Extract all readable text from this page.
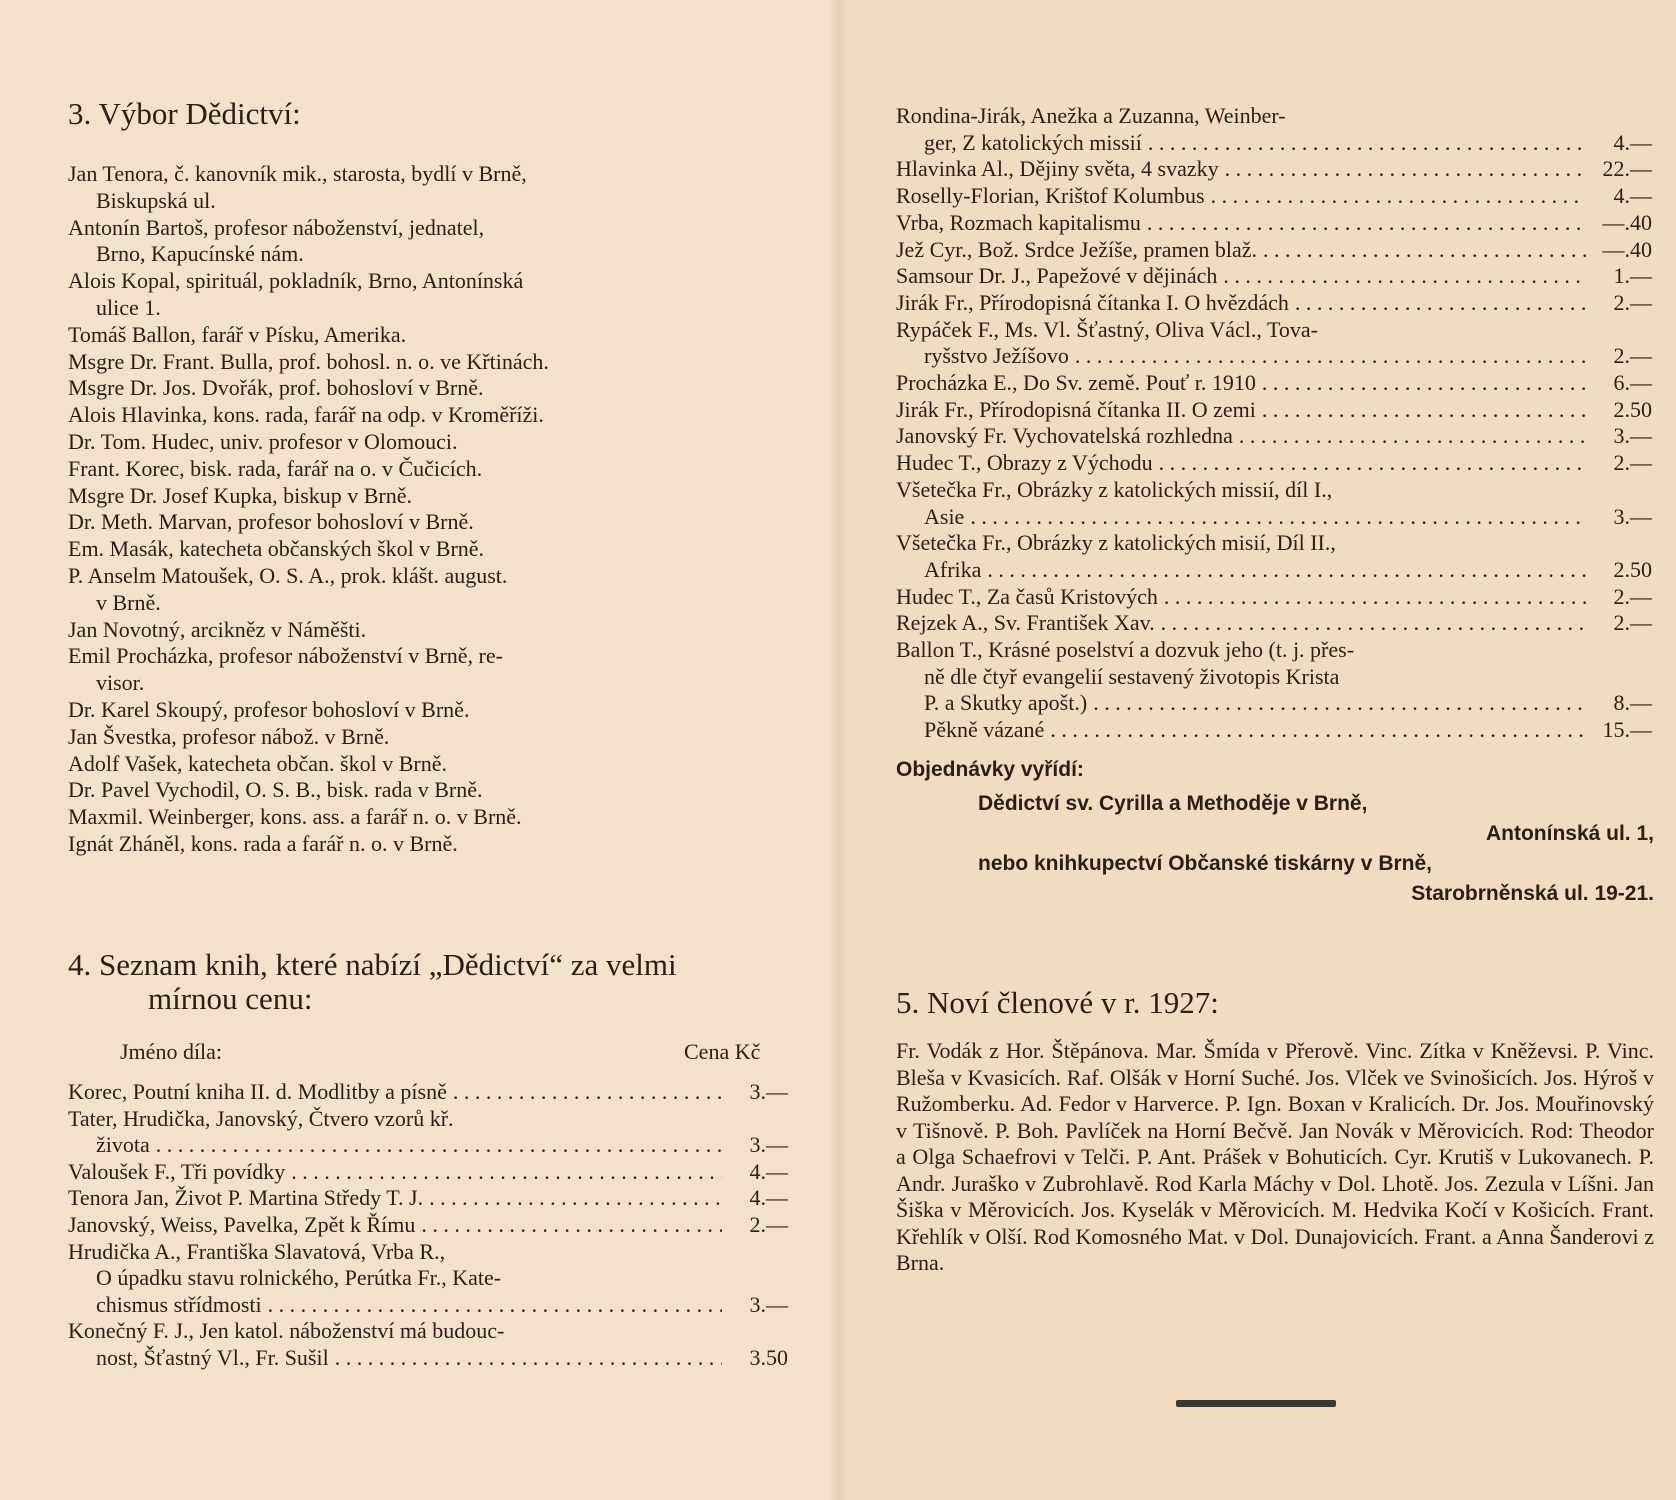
3. Výbor Dědictví:
Jan Tenora, č. kanovník mik., starosta, bydlí v Brně,
Biskupská ul.
Antonín Bartoš, profesor náboženství, jednatel,
Brno, Kapucínské nám.
Alois Kopal, spirituál, pokladník, Brno, Antonínská
ulice 1.
Tomáš Ballon, farář v Písku, Amerika.
Msgre Dr. Frant. Bulla, prof. bohosl. n. o. ve Křtinách.
Msgre Dr. Jos. Dvořák, prof. bohosloví v Brně.
Alois Hlavinka, kons. rada, farář na odp. v Kroměříži.
Dr. Tom. Hudec, univ. profesor v Olomouci.
Frant. Korec, bisk. rada, farář na o. v Čučicích.
Msgre Dr. Josef Kupka, biskup v Brně.
Dr. Meth. Marvan, profesor bohosloví v Brně.
Em. Masák, katecheta občanských škol v Brně.
P. Anselm Matoušek, O. S. A., prok. klášt. august.
v Brně.
Jan Novotný, arcikněz v Náměšti.
Emil Procházka, profesor náboženství v Brně, re-
visor.
Dr. Karel Skoupý, profesor bohosloví v Brně.
Jan Švestka, profesor nábož. v Brně.
Adolf Vašek, katecheta občan. škol v Brně.
Dr. Pavel Vychodil, O. S. B., bisk. rada v Brně.
Maxmil. Weinberger, kons. ass. a farář n. o. v Brně.
Ignát Zháněl, kons. rada a farář n. o. v Brně.
4. Seznam knih, které nabízí „Dědictví“ za velmi
mírnou cenu:
Jméno díla:	Cena Kč
Korec, Poutní kniha II. d. Modlitby a písně . . .	3.—
Tater, Hrudička, Janovský, Čtvero vzorů kř.
života . . .	3.—
Valoušek F., Tři povídky . . .	4.—
Tenora Jan, Život P. Martina Středy T. J. . . .	4.—
Janovský, Weiss, Pavelka, Zpět k Římu . . .	2.—
Hrudička A., Františka Slavatová, Vrba R.,
O úpadku stavu rolnického, Perútka Fr., Kate-
chismus střídmosti . . .	3.—
Konečný F. J., Jen katol. náboženství má budouc-
nost, Šťastný Vl., Fr. Sušil . . .	3.50
Rondina-Jirák, Anežka a Zuzanna, Weinber-
ger, Z katolických missií . . .	4.—
Hlavinka Al., Dějiny světa, 4 svazky . . .	22.—
Roselly-Florian, Krištof Kolumbus . . .	4.—
Vrba, Rozmach kapitalismu . . .	—.40
Jež Cyr., Bož. Srdce Ježíše, pramen blaž. . . .	—.40
Samsour Dr. J., Papežové v dějinách . . .	1.—
Jirák Fr., Přírodopisná čítanka I. O hvězdách . . .	2.—
Rypáček F., Ms. Vl. Šťastný, Oliva Václ., Tova-
ryšstvo Ježíšovo . . .	2.—
Procházka E., Do Sv. země. Pouť r. 1910 . . .	6.—
Jirák Fr., Přírodopisná čítanka II. O zemi . . .	2.50
Janovský Fr. Vychovatelská rozhledna . . .	3.—
Hudec T., Obrazy z Východu . . .	2.—
Všetečka Fr., Obrázky z katolických missií, díl I.,
Asie . . .	3.—
Všetečka Fr., Obrázky z katolických misií, Díl II.,
Afrika . . .	2.50
Hudec T., Za časů Kristových . . .	2.—
Rejzek A., Sv. František Xav. . . .	2.—
Ballon T., Krásné poselství a dozvuk jeho (t. j. přes-
ně dle čtyř evangelií sestavený životopis Krista
P. a Skutky apošt.) . . .	8.—
Pěkně vázané . . .	15.—
Objednávky vyřídí:
Dědictví sv. Cyrilla a Methoděje v Brně,
Antonínská ul. 1,
nebo knihkupectví Občanské tiskárny v Brně,
Starobrněnská ul. 19-21.
5. Noví členové v r. 1927:
Fr. Vodák z Hor. Štěpánova. Mar. Šmída v Přerově. Vinc. Zítka v Kněževsi. P. Vinc. Bleša v Kvasicích. Raf. Olšák v Horní Suché. Jos. Vlček ve Svinošicích. Jos. Hýroš v Ružomberku. Ad. Fedor v Harverce. P. Ign. Boxan v Kralicích. Dr. Jos. Mouřinovský v Tišnově. P. Boh. Pavlíček na Horní Bečvě. Jan Novák v Měrovicích. Rod: Theodor a Olga Schaefrovi v Telči. P. Ant. Prášek v Bohuticích. Cyr. Krutiš v Lukovanech. P. Andr. Juraško v Zubrohlavě. Rod Karla Máchy v Dol. Lhotě. Jos. Zezula v Líšni. Jan Šiška v Měrovicích. Jos. Kyselák v Měrovicích. M. Hedvika Kočí v Košicích. Frant. Křehlík v Olší. Rod Komosného Mat. v Dol. Dunajovicích. Frant. a Anna Šanderovi z Brna.
